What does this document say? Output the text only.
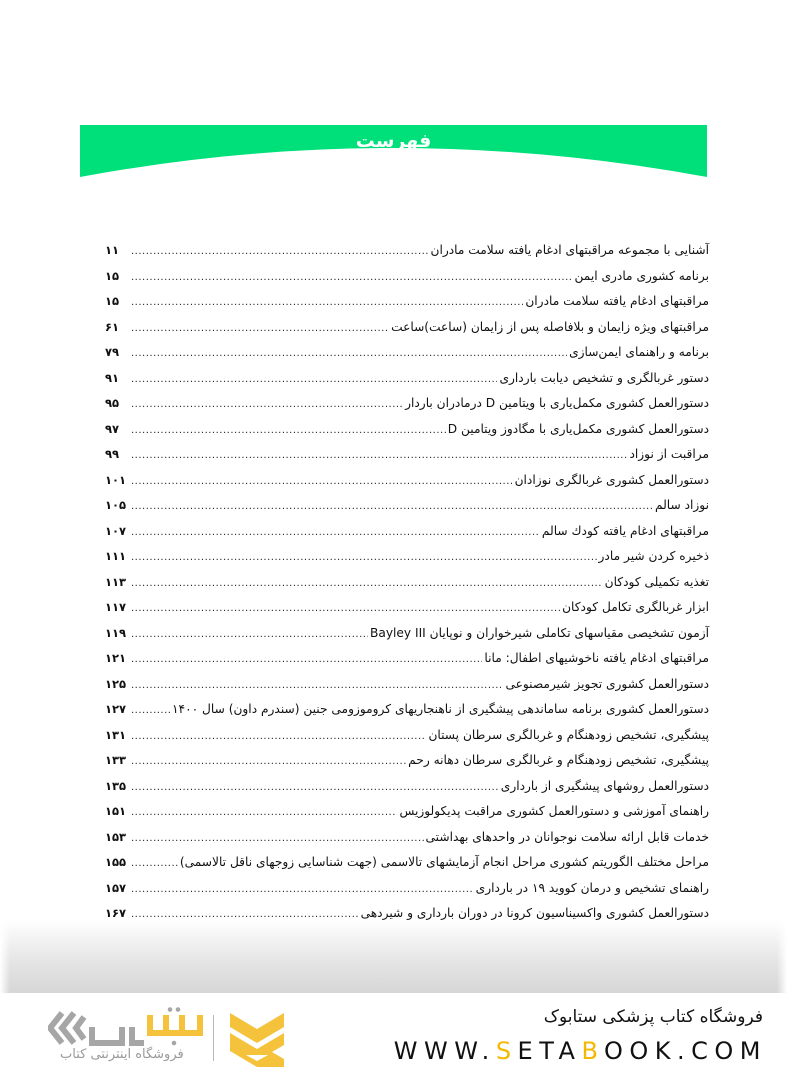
فهرست
آشنایی با مجموعه مراقبتهای ادغام یافته سلامت مادران
.....
۱۱
برنامه کشوری مادری ایمن
.....
۱۵
مراقبتهای ادغام یافته سلامت مادران
.....
۱۵
مراقبتهای ویژه زایمان و بلافاصله پس از زایمان (ساعت)ساعت
.....
۶۱
برنامه و راهنمای ایمن‌سازی
.....
۷۹
دستور غربالگری و تشخیص دیابت بارداری
.....
۹۱
دستورالعمل کشوری مکمل‌یاری با ویتامین D درمادران باردار
.....
۹۵
دستورالعمل کشوری مکمل‌یاری با مگادوز ویتامین D
.....
۹۷
مراقبت از نوزاد
.....
۹۹
دستورالعمل کشوری غربالگری نوزادان
.....
۱۰۱
نوزاد سالم
.....
۱۰۵
مراقبتهای ادغام یافته کودك سالم
.....
۱۰۷
ذخیره کردن شیر مادر
.....
۱۱۱
تغذیه تکمیلی کودکان
.....
۱۱۳
ابزار غربالگری تکامل کودکان
.....
۱۱۷
آزمون تشخیصی مقیاسهای تکاملی شیرخواران و نوپایان Bayley III
.....
۱۱۹
مراقبتهای ادغام یافته ناخوشیهای اطفال: مانا
.....
۱۲۱
دستورالعمل کشوری تجویز شیرمصنوعی
.....
۱۲۵
دستورالعمل کشوری برنامه ساماندهی پیشگیری از ناهنجاریهای کروموزومی جنین (سندرم داون) سال ۱۴۰۰
.....
۱۲۷
پیشگیری، تشخیص زودهنگام و غربالگری سرطان پستان
.....
۱۳۱
پیشگیری، تشخیص زودهنگام و غربالگری سرطان دهانه رحم
.....
۱۳۳
دستورالعمل روشهای پیشگیری از بارداری
.....
۱۳۵
راهنمای آموزشی و دستورالعمل کشوری مراقبت پدیکولوزیس
.....
۱۵۱
خدمات قابل ارائه سلامت نوجوانان در واحدهای بهداشتی
.....
۱۵۳
مراحل مختلف الگوریتم کشوری مراحل انجام آزمایشهای تالاسمی (جهت شناسایی زوجهای ناقل تالاسمی)
.....
۱۵۵
راهنمای تشخیص و درمان کووید ۱۹ در بارداری
.....
۱۵۷
دستورالعمل کشوری واکسیناسیون کرونا در دوران بارداری و شیردهی
.....
۱۶۷
فروشگاه اینترنتی کتاب
فروشگاه کتاب پزشکی ستابوک
WWW.SETABOOK.COM
